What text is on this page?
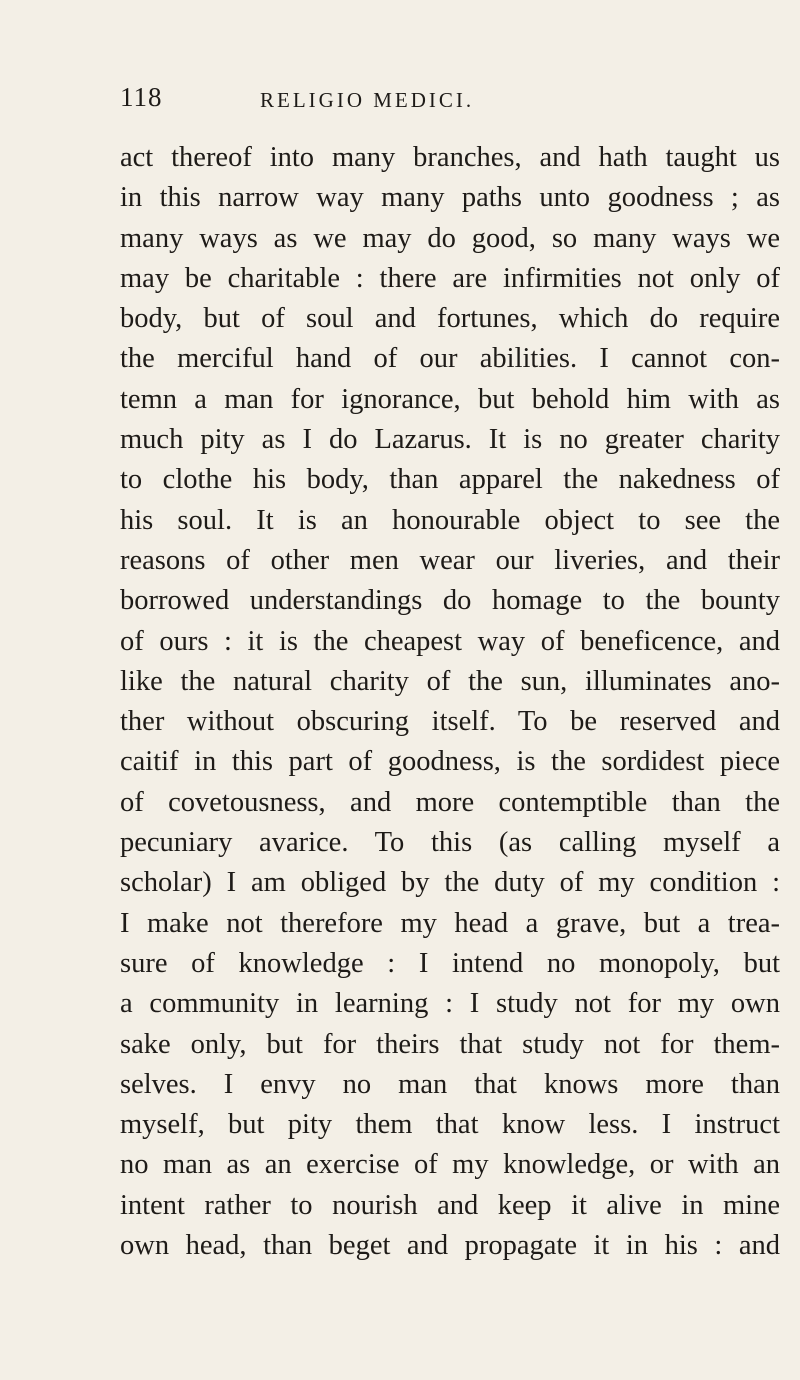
118	RELIGIO MEDICI.
act thereof into many branches, and hath taught us
in this narrow way many paths unto goodness ; as
many ways as we may do good, so many ways we
may be charitable : there are infirmities not only of
body, but of soul and fortunes, which do require
the merciful hand of our abilities. I cannot con-
temn a man for ignorance, but behold him with as
much pity as I do Lazarus. It is no greater charity
to clothe his body, than apparel the nakedness of
his soul. It is an honourable object to see the
reasons of other men wear our liveries, and their
borrowed understandings do homage to the bounty
of ours : it is the cheapest way of beneficence, and
like the natural charity of the sun, illuminates ano-
ther without obscuring itself. To be reserved and
caitif in this part of goodness, is the sordidest piece
of covetousness, and more contemptible than the
pecuniary avarice. To this (as calling myself a
scholar) I am obliged by the duty of my condition :
I make not therefore my head a grave, but a trea-
sure of knowledge : I intend no monopoly, but
a community in learning : I study not for my own
sake only, but for theirs that study not for them-
selves. I envy no man that knows more than
myself, but pity them that know less. I instruct
no man as an exercise of my knowledge, or with an
intent rather to nourish and keep it alive in mine
own head, than beget and propagate it in his : and
